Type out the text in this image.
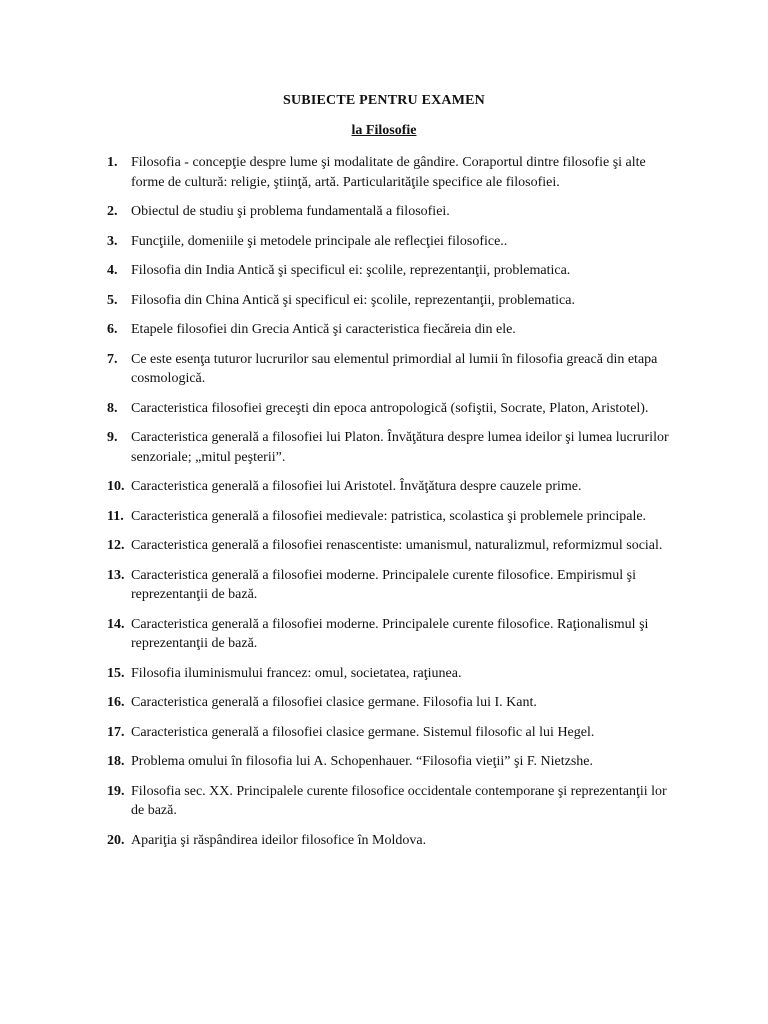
SUBIECTE PENTRU EXAMEN
la Filosofie
1. Filosofia - concepţie despre lume şi modalitate de gândire. Coraportul dintre filosofie şi alte forme de cultură: religie, ştiinţă, artă. Particularităţile specifice ale filosofiei.
2. Obiectul de studiu şi problema fundamentală a filosofiei.
3. Funcţiile, domeniile şi metodele principale ale reflecţiei filosofice..
4. Filosofia din India Antică şi specificul ei: şcolile, reprezentanţii, problematica.
5. Filosofia din China Antică şi specificul ei: şcolile, reprezentanţii, problematica.
6. Etapele filosofiei din Grecia Antică şi caracteristica fiecăreia din ele.
7. Ce este esenţa tuturor lucrurilor sau elementul primordial al lumii în filosofia greacă din etapa cosmologică.
8. Caracteristica filosofiei greceşti din epoca antropologică (sofiştii, Socrate, Platon, Aristotel).
9. Caracteristica generală a filosofiei lui Platon. Învăţătura despre lumea ideilor şi lumea lucrurilor senzoriale; „mitul peşterii”.
10. Caracteristica generală a filosofiei lui Aristotel. Învăţătura despre cauzele prime.
11. Caracteristica generală a filosofiei medievale: patristica, scolastica şi problemele principale.
12. Caracteristica generală a filosofiei renascentiste: umanismul, naturalizmul, reformizmul social.
13. Caracteristica generală a filosofiei moderne. Principalele curente filosofice. Empirismul şi reprezentanţii de bază.
14. Caracteristica generală a filosofiei moderne. Principalele curente filosofice. Raţionalismul şi reprezentanţii de bază.
15. Filosofia iluminismului francez: omul, societatea, raţiunea.
16. Caracteristica generală a filosofiei clasice germane. Filosofia lui I. Kant.
17. Caracteristica generală a filosofiei clasice germane. Sistemul filosofic al lui Hegel.
18. Problema omului în filosofia lui A. Schopenhauer. “Filosofia vieţii” şi F. Nietzshe.
19. Filosofia sec. XX. Principalele curente filosofice occidentale contemporane şi reprezentanţii lor de bază.
20. Apariţia şi răspândirea ideilor filosofice în Moldova.
